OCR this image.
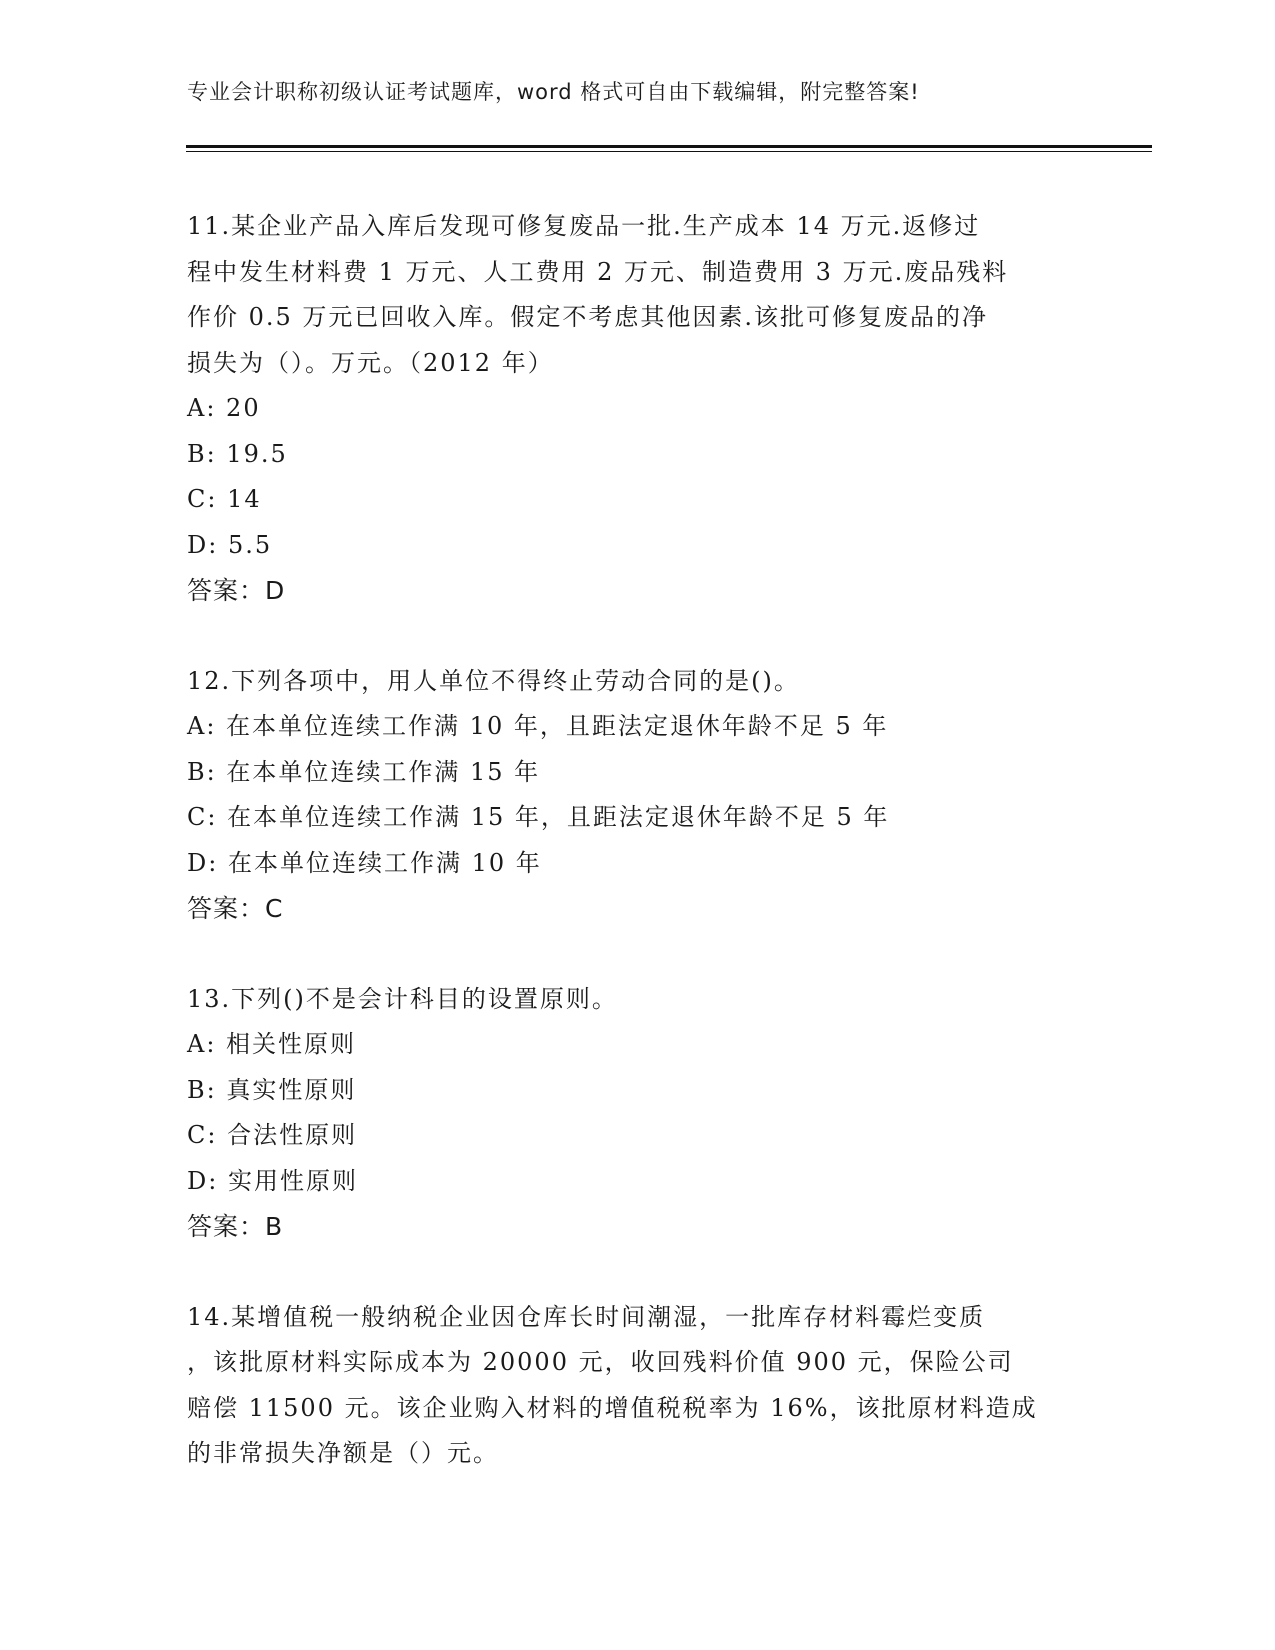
专业会计职称初级认证考试题库，word 格式可自由下载编辑，附完整答案!
11.某企业产品入库后发现可修复废品一批.生产成本 14 万元.返修过
程中发生材料费 1 万元、人工费用 2 万元、制造费用 3 万元.废品残料
作价 0.5 万元已回收入库。假定不考虑其他因素.该批可修复废品的净
损失为（）。万元。（2012 年）
A: 20
B: 19.5
C: 14
D: 5.5
答案：D
12.下列各项中，用人单位不得终止劳动合同的是()。
A: 在本单位连续工作满 10 年，且距法定退休年龄不足 5 年
B: 在本单位连续工作满 15 年
C: 在本单位连续工作满 15 年，且距法定退休年龄不足 5 年
D: 在本单位连续工作满 10 年
答案：C
13.下列()不是会计科目的设置原则。
A: 相关性原则
B: 真实性原则
C: 合法性原则
D: 实用性原则
答案：B
14.某增值税一般纳税企业因仓库长时间潮湿，一批库存材料霉烂变质
，该批原材料实际成本为 20000 元，收回残料价值 900 元，保险公司
赔偿 11500 元。该企业购入材料的增值税税率为 16%，该批原材料造成
的非常损失净额是（）元。
